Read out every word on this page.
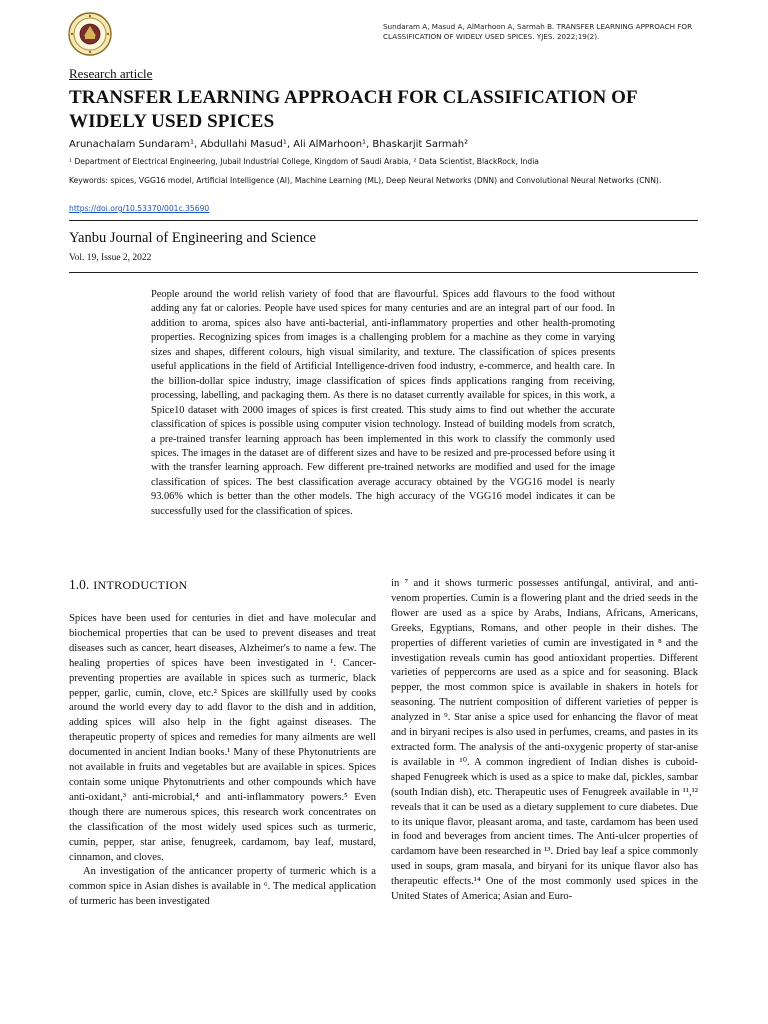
Sundaram A, Masud A, AlMarhoon A, Sarmah B. TRANSFER LEARNING APPROACH FOR CLASSIFICATION OF WIDELY USED SPICES. YJES. 2022;19(2).
Research article
TRANSFER LEARNING APPROACH FOR CLASSIFICATION OF WIDELY USED SPICES
Arunachalam Sundaram¹, Abdullahi Masud¹, Ali AlMarhoon¹, Bhaskarjit Sarmah²
¹ Department of Electrical Engineering, Jubail Industrial College, Kingdom of Saudi Arabia, ² Data Scientist, BlackRock, India
Keywords: spices, VGG16 model, Artificial Intelligence (AI), Machine Learning (ML), Deep Neural Networks (DNN) and Convolutional Neural Networks (CNN).
https://doi.org/10.53370/001c.35690
Yanbu Journal of Engineering and Science
Vol. 19, Issue 2, 2022
People around the world relish variety of food that are flavourful. Spices add flavours to the food without adding any fat or calories. People have used spices for many centuries and are an integral part of our food. In addition to aroma, spices also have anti-bacterial, anti-inflammatory properties and other health-promoting properties. Recognizing spices from images is a challenging problem for a machine as they come in varying sizes and shapes, different colours, high visual similarity, and texture. The classification of spices presents useful applications in the field of Artificial Intelligence-driven food industry, e-commerce, and health care. In the billion-dollar spice industry, image classification of spices finds applications ranging from receiving, processing, labelling, and packaging them. As there is no dataset currently available for spices, in this work, a Spice10 dataset with 2000 images of spices is first created. This study aims to find out whether the accurate classification of spices is possible using computer vision technology. Instead of building models from scratch, a pre-trained transfer learning approach has been implemented in this work to classify the commonly used spices. The images in the dataset are of different sizes and have to be resized and pre-processed before using it with the transfer learning approach. Few different pre-trained networks are modified and used for the image classification of spices. The best classification average accuracy obtained by the VGG16 model is nearly 93.06% which is better than the other models. The high accuracy of the VGG16 model indicates it can be successfully used for the classification of spices.
1.0. INTRODUCTION

Spices have been used for centuries in diet and have molecular and biochemical properties that can be used to prevent diseases and treat diseases such as cancer, heart diseases, Alzheimer's to name a few. The healing properties of spices have been investigated in ¹. Cancer-preventing properties are available in spices such as turmeric, black pepper, garlic, cumin, clove, etc.² Spices are skillfully used by cooks around the world every day to add flavor to the dish and in addition, adding spices will also help in the fight against diseases. The therapeutic property of spices and remedies for many ailments are well documented in ancient Indian books.¹ Many of these Phytonutrients are not available in fruits and vegetables but are available in spices. Spices contain some unique Phytonutrients and other compounds which have anti-oxidant,³ anti-microbial,⁴ and anti-inflammatory powers.⁵ Even though there are numerous spices, this research work concentrates on the classification of the most widely used spices such as turmeric, cumin, pepper, star anise, fenugreek, cardamom, bay leaf, mustard, cinnamon, and cloves.

An investigation of the anticancer property of turmeric which is a common spice in Asian dishes is available in ⁶. The medical application of turmeric has been investigated

in ⁷ and it shows turmeric possesses antifungal, antiviral, and anti-venom properties. Cumin is a flowering plant and the dried seeds in the flower are used as a spice by Arabs, Indians, Africans, Americans, Greeks, Egyptians, Romans, and other people in their dishes. The properties of different varieties of cumin are investigated in ⁸ and the investigation reveals cumin has good antioxidant properties. Different varieties of peppercorns are used as a spice and for seasoning. Black pepper, the most common spice is available in shakers in hotels for seasoning. The nutrient composition of different varieties of pepper is analyzed in ⁹. Star anise a spice used for enhancing the flavor of meat and in biryani recipes is also used in perfumes, creams, and pastes in its extracted form. The analysis of the anti-oxygenic property of star-anise is available in ¹⁰. A common ingredient of Indian dishes is cuboid-shaped Fenugreek which is used as a spice to make dal, pickles, sambar (south Indian dish), etc. Therapeutic uses of Fenugreek available in ¹¹,¹² reveals that it can be used as a dietary supplement to cure diabetes. Due to its unique flavor, pleasant aroma, and taste, cardamom has been used in food and beverages from ancient times. The Anti-ulcer properties of cardamom have been researched in ¹³. Dried bay leaf a spice commonly used in soups, gram masala, and biryani for its unique flavor also has therapeutic effects.¹⁴ One of the most commonly used spices in the United States of America; Asian and Euro-
